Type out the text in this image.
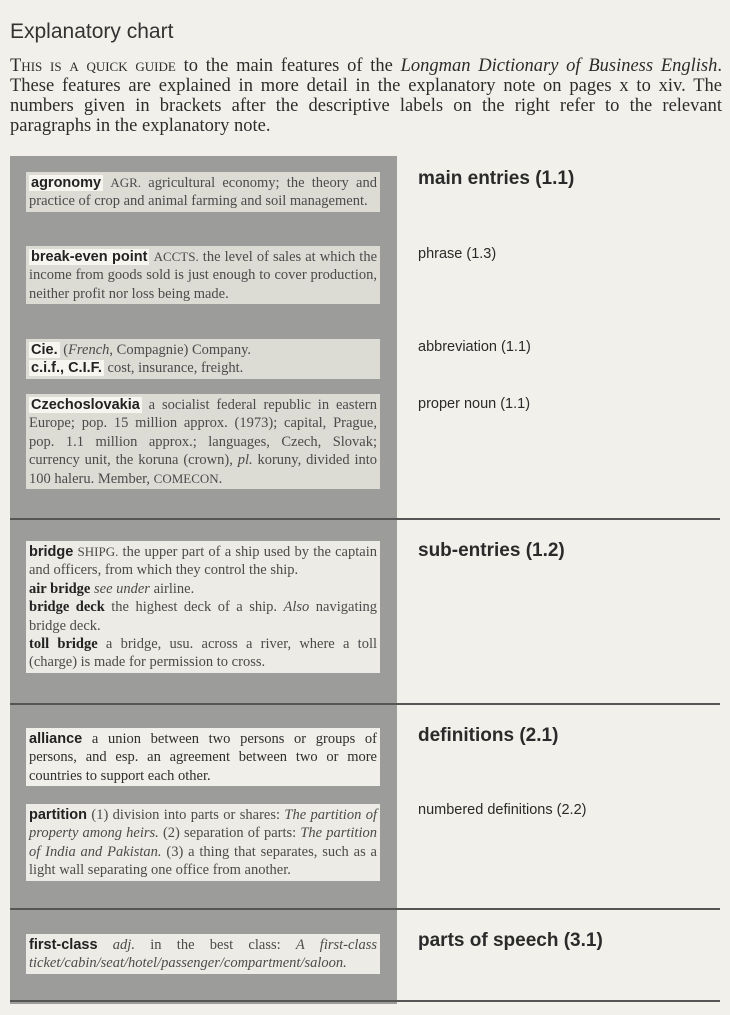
Explanatory chart
This is a quick guide to the main features of the Longman Dictionary of Business English. These features are explained in more detail in the explanatory note on pages x to xiv. The numbers given in brackets after the descriptive labels on the right refer to the relevant paragraphs in the explanatory note.
agronomy AGR. agricultural economy; the theory and practice of crop and animal farming and soil management.
break-even point ACCTS. the level of sales at which the income from goods sold is just enough to cover production, neither profit nor loss being made.
Cie. (French, Compagnie) Company.
c.i.f., C.I.F. cost, insurance, freight.
Czechoslovakia a socialist federal republic in eastern Europe; pop. 15 million approx. (1973); capital, Prague, pop. 1.1 million approx.; languages, Czech, Slovak; currency unit, the koruna (crown), pl. koruny, divided into 100 haleru. Member, COMECON.
main entries (1.1)
phrase (1.3)
abbreviation (1.1)
proper noun (1.1)
bridge SHIPG. the upper part of a ship used by the captain and officers, from which they control the ship.
air bridge see under airline.
bridge deck the highest deck of a ship. Also navigating bridge deck.
toll bridge a bridge, usu. across a river, where a toll (charge) is made for permission to cross.
sub-entries (1.2)
alliance a union between two persons or groups of persons, and esp. an agreement between two or more countries to support each other.
partition (1) division into parts or shares: The partition of property among heirs. (2) separation of parts: The partition of India and Pakistan. (3) a thing that separates, such as a light wall separating one office from another.
definitions (2.1)
numbered definitions (2.2)
first-class adj. in the best class: A first-class ticket/cabin/seat/hotel/passenger/compartment/saloon.
parts of speech (3.1)
